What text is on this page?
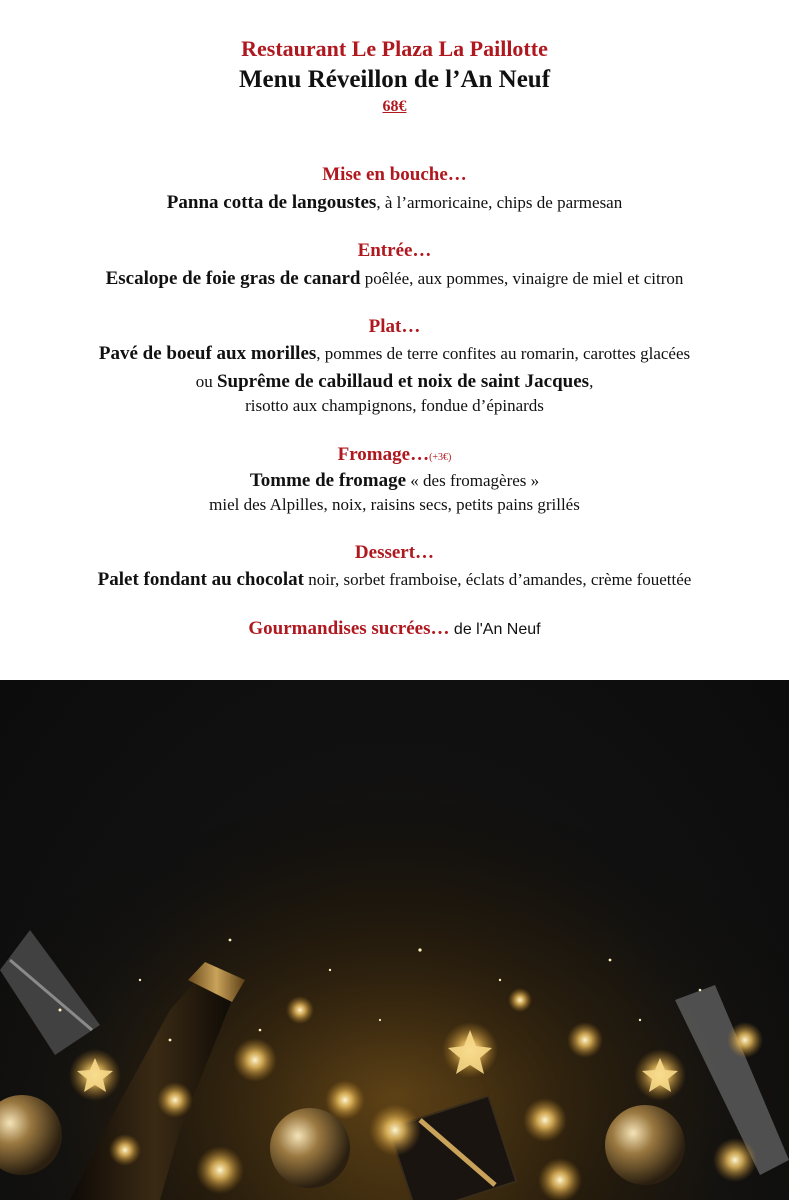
Restaurant Le Plaza La Paillotte
Menu Réveillon de l’An Neuf
68€
Mise en bouche…
Panna cotta de langoustes, à l’armoricaine, chips de parmesan
Entrée…
Escalope de foie gras de canard poêlée, aux pommes, vinaigre de miel et citron
Plat…
Pavé de boeuf aux morilles, pommes de terre confites au romarin, carottes glacées
ou Suprême de cabillaud et noix de saint Jacques,
risotto aux champignons, fondue d’épinards
Fromage…(+3€)
Tomme de fromage « des fromagères »
miel des Alpilles, noix, raisins secs, petits pains grillés
Dessert…
Palet fondant au chocolat noir, sorbet framboise, éclats d’amandes, crème fouettée
Gourmandises sucrées… de l'An Neuf
